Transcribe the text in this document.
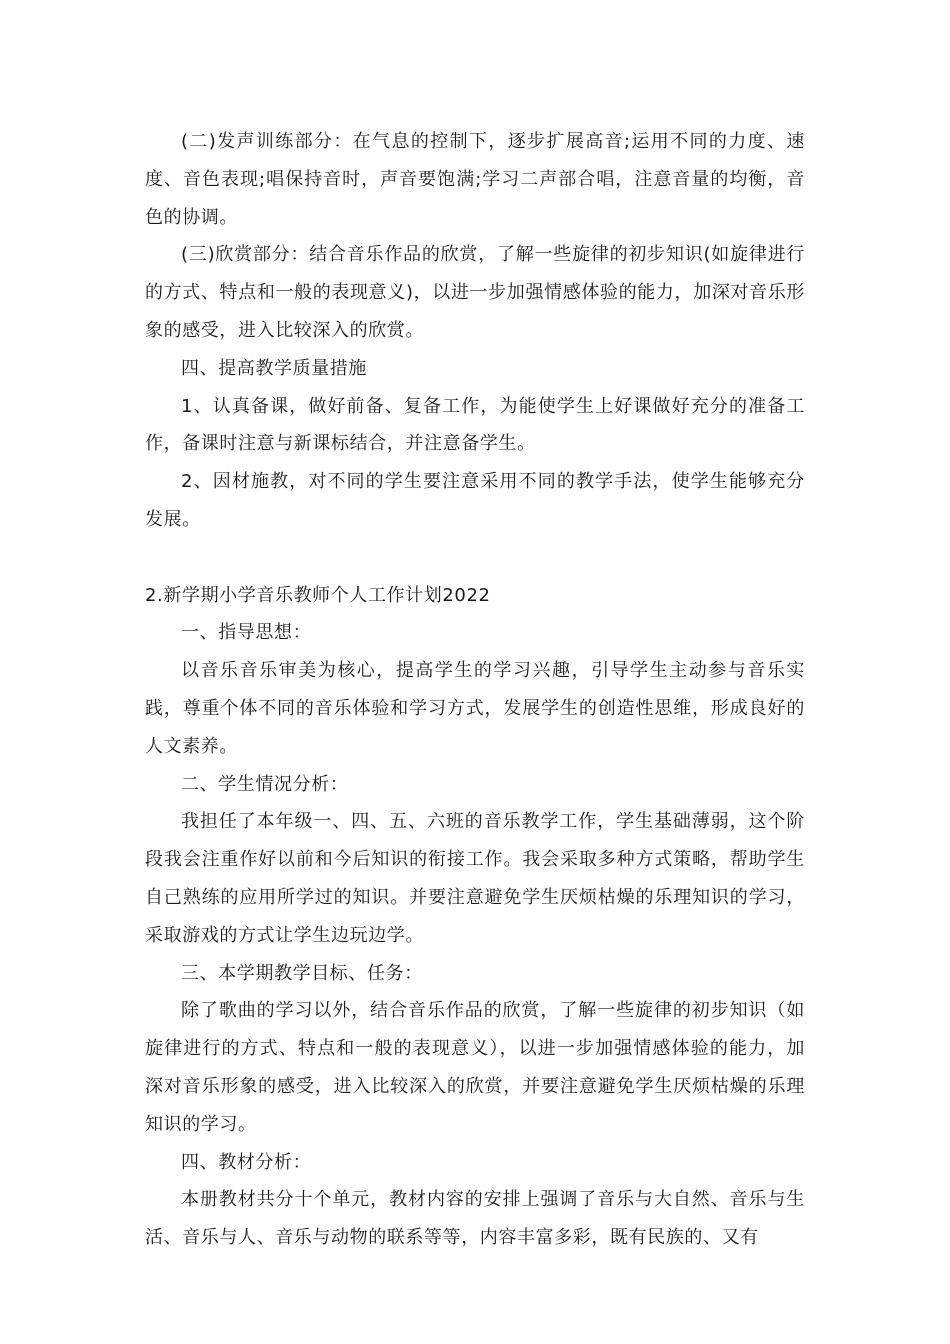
(二)发声训练部分：在气息的控制下，逐步扩展高音;运用不同的力度、速度、音色表现;唱保持音时，声音要饱满;学习二声部合唱，注意音量的均衡，音色的协调。

(三)欣赏部分：结合音乐作品的欣赏，了解一些旋律的初步知识(如旋律进行的方式、特点和一般的表现意义)，以进一步加强情感体验的能力，加深对音乐形象的感受，进入比较深入的欣赏。

四、提高教学质量措施

1、认真备课，做好前备、复备工作，为能使学生上好课做好充分的准备工作，备课时注意与新课标结合，并注意备学生。

2、因材施教，对不同的学生要注意采用不同的教学手法，使学生能够充分发展。

2.新学期小学音乐教师个人工作计划2022

一、指导思想：

以音乐音乐审美为核心，提高学生的学习兴趣，引导学生主动参与音乐实践，尊重个体不同的音乐体验和学习方式，发展学生的创造性思维，形成良好的人文素养。

二、学生情况分析：

我担任了本年级一、四、五、六班的音乐教学工作，学生基础薄弱，这个阶段我会注重作好以前和今后知识的衔接工作。我会采取多种方式策略，帮助学生自己熟练的应用所学过的知识。并要注意避免学生厌烦枯燥的乐理知识的学习，采取游戏的方式让学生边玩边学。

三、本学期教学目标、任务：

除了歌曲的学习以外，结合音乐作品的欣赏，了解一些旋律的初步知识（如旋律进行的方式、特点和一般的表现意义），以进一步加强情感体验的能力，加深对音乐形象的感受，进入比较深入的欣赏，并要注意避免学生厌烦枯燥的乐理知识的学习。

四、教材分析：

本册教材共分十个单元，教材内容的安排上强调了音乐与大自然、音乐与生活、音乐与人、音乐与动物的联系等等，内容丰富多彩，既有民族的、又有
